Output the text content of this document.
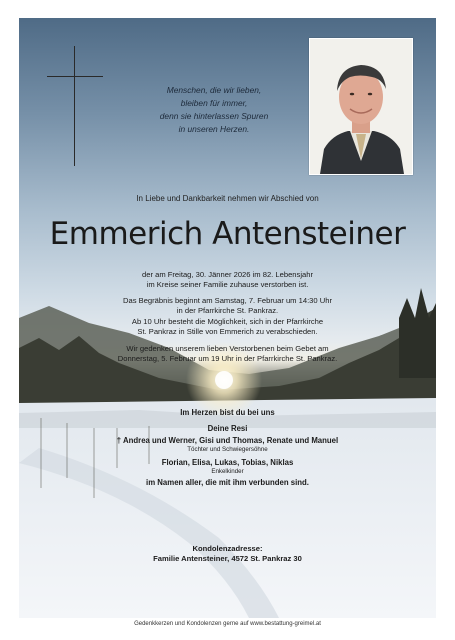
Menschen, die wir lieben,
bleiben für immer,
denn sie hinterlassen Spuren
in unseren Herzen.
In Liebe und Dankbarkeit nehmen wir Abschied von
Emmerich Antensteiner
der am Freitag, 30. Jänner 2026 im 82. Lebensjahr
im Kreise seiner Familie zuhause verstorben ist.
Das Begräbnis beginnt am Samstag, 7. Februar um 14:30 Uhr
in der Pfarrkirche St. Pankraz.
Ab 10 Uhr besteht die Möglichkeit, sich in der Pfarrkirche
St. Pankraz in Stille von Emmerich zu verabschieden.
Wir gedenken unserem lieben Verstorbenen beim Gebet am
Donnerstag, 5. Februar um 19 Uhr in der Pfarrkirche St. Pankraz.
Im Herzen bist du bei uns
Deine Resi
† Andrea und Werner, Gisi und Thomas, Renate und Manuel
Töchter und Schwiegersöhne
Florian, Elisa, Lukas, Tobias, Niklas
Enkelkinder
im Namen aller, die mit ihm verbunden sind.
Kondolenzadresse:
Familie Antensteiner, 4572 St. Pankraz 30
Gedenkkerzen und Kondolenzen gerne auf www.bestattung-greimel.at
